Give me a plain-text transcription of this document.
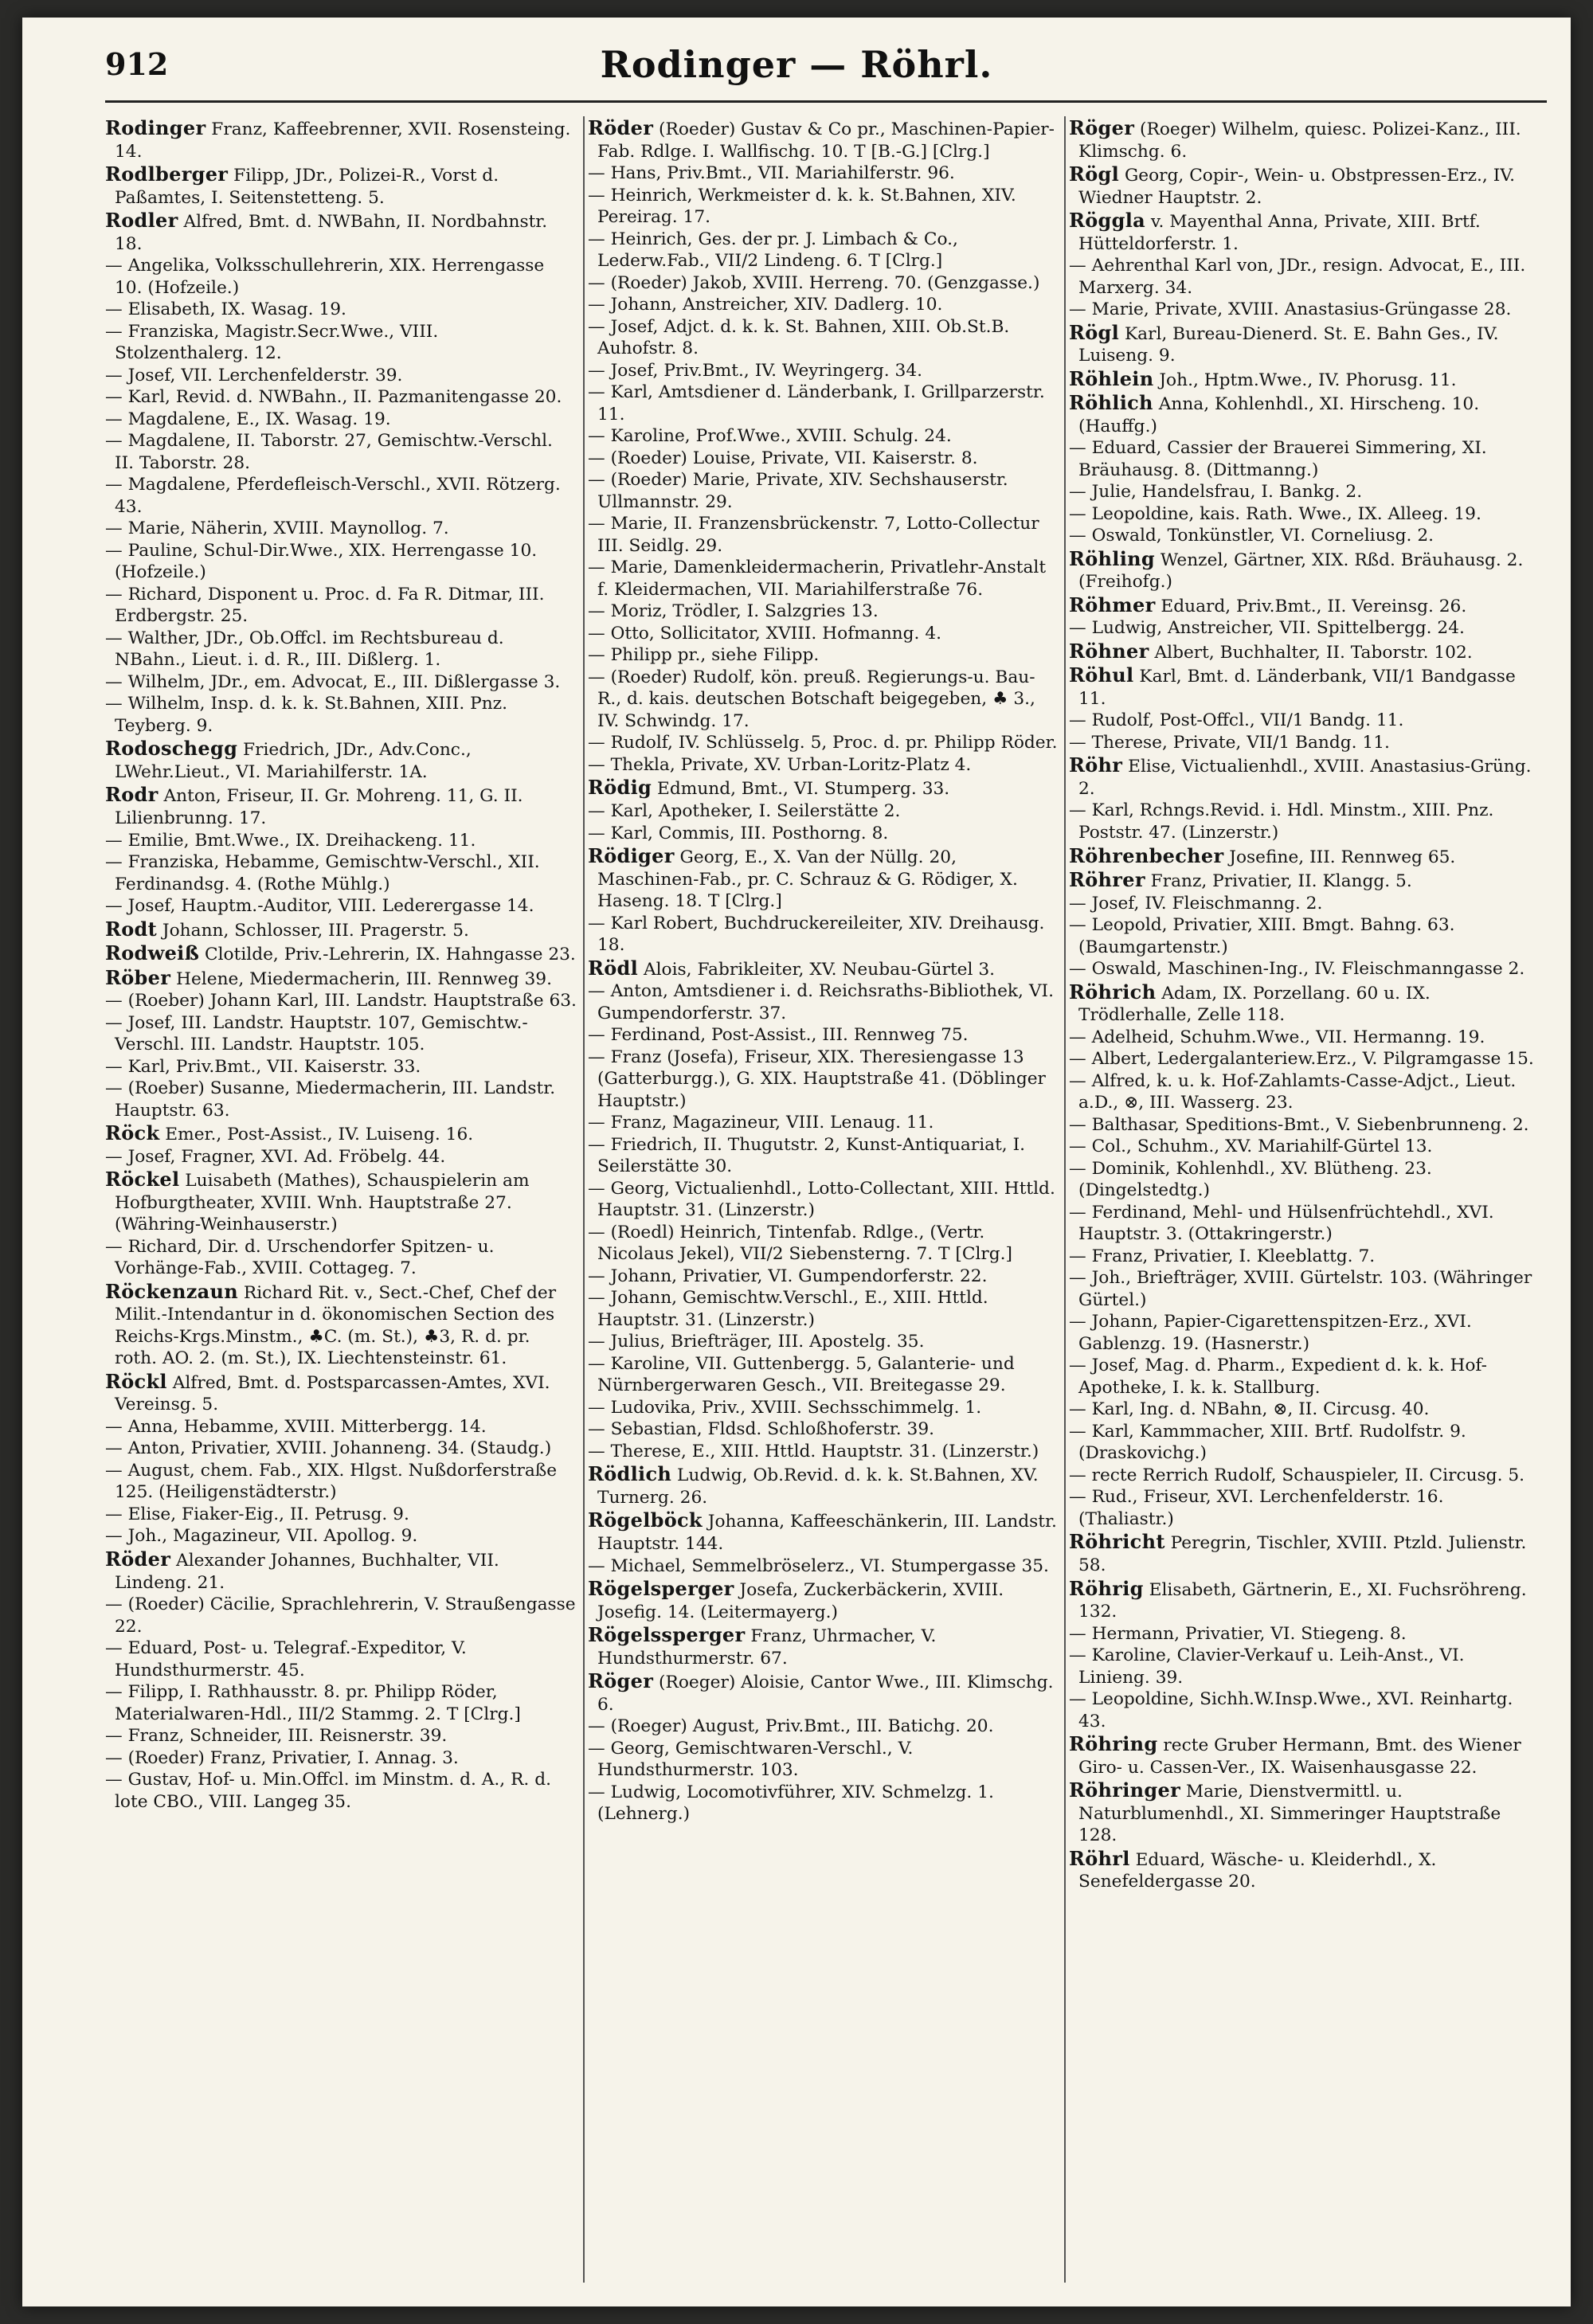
912	Rodinger — Röhrl.

Rodinger Franz, Kaffeebrenner, XVII. Rosensteing. 14.

Rodlberger Filipp, JDr., Polizei-R., Vorst d. Paßamtes, I. Seitenstetteng. 5.

Rodler Alfred, Bmt. d. NWBahn, II. Nordbahnstr. 18.

— Angelika, Volksschullehrerin, XIX. Herrengasse 10. (Hofzeile.)

— Elisabeth, IX. Wasag. 19.

— Franziska, Magistr.Secr.Wwe., VIII. Stolzenthalerg. 12.

— Josef, VII. Lerchenfelderstr. 39.

— Karl, Revid. d. NWBahn., II. Pazmanitengasse 20.

— Magdalene, E., IX. Wasag. 19.

— Magdalene, II. Taborstr. 27, Gemischtw.-Verschl. II. Taborstr. 28.

— Magdalene, Pferdefleisch-Verschl., XVII. Rötzerg. 43.

— Marie, Näherin, XVIII. Maynollog. 7.

— Pauline, Schul-Dir.Wwe., XIX. Herrengasse 10. (Hofzeile.)

— Richard, Disponent u. Proc. d. Fa R. Ditmar, III. Erdbergstr. 25.

— Walther, JDr., Ob.Offcl. im Rechtsbureau d. NBahn., Lieut. i. d. R., III. Dißlerg. 1.

— Wilhelm, JDr., em. Advocat, E., III. Dißlergasse 3.

— Wilhelm, Insp. d. k. k. St.Bahnen, XIII. Pnz. Teyberg. 9.

Rodoschegg Friedrich, JDr., Adv.Conc., LWehr.Lieut., VI. Mariahilferstr. 1A.

Rodr Anton, Friseur, II. Gr. Mohreng. 11, G. II. Lilienbrunng. 17.

— Emilie, Bmt.Wwe., IX. Dreihackeng. 11.

— Franziska, Hebamme, Gemischtw-Verschl., XII. Ferdinandsg. 4. (Rothe Mühlg.)

— Josef, Hauptm.-Auditor, VIII. Lederergasse 14.

Rodt Johann, Schlosser, III. Pragerstr. 5.

Rodweiß Clotilde, Priv.-Lehrerin, IX. Hahngasse 23.

Röber Helene, Miedermacherin, III. Rennweg 39.

— (Roeber) Johann Karl, III. Landstr. Hauptstraße 63.

— Josef, III. Landstr. Hauptstr. 107, Gemischtw.-Verschl. III. Landstr. Hauptstr. 105.

— Karl, Priv.Bmt., VII. Kaiserstr. 33.

— (Roeber) Susanne, Miedermacherin, III. Landstr. Hauptstr. 63.

Röck Emer., Post-Assist., IV. Luiseng. 16.

— Josef, Fragner, XVI. Ad. Fröbelg. 44.

Röckel Luisabeth (Mathes), Schauspielerin am Hofburgtheater, XVIII. Wnh. Hauptstraße 27. (Währing-Weinhauserstr.)

— Richard, Dir. d. Urschendorfer Spitzen- u. Vorhänge-Fab., XVIII. Cottageg. 7.

Röckenzaun Richard Rit. v., Sect.-Chef, Chef der Milit.-Intendantur in d. ökonomischen Section des Reichs-Krgs.Minstm., ♣C. (m. St.), ♣3, R. d. pr. roth. AO. 2. (m. St.), IX. Liechtensteinstr. 61.

Röckl Alfred, Bmt. d. Postsparcassen-Amtes, XVI. Vereinsg. 5.

— Anna, Hebamme, XVIII. Mitterbergg. 14.

— Anton, Privatier, XVIII. Johanneng. 34. (Staudg.)

— August, chem. Fab., XIX. Hlgst. Nußdorferstraße 125. (Heiligenstädterstr.)

— Elise, Fiaker-Eig., II. Petrusg. 9.

— Joh., Magazineur, VII. Apollog. 9.

Röder Alexander Johannes, Buchhalter, VII. Lindeng. 21.

— (Roeder) Cäcilie, Sprachlehrerin, V. Straußengasse 22.

— Eduard, Post- u. Telegraf.-Expeditor, V. Hundsthurmerstr. 45.

— Filipp, I. Rathhausstr. 8. pr. Philipp Röder, Materialwaren-Hdl., III/2 Stammg. 2. T [Clrg.]

— Franz, Schneider, III. Reisnerstr. 39.

— (Roeder) Franz, Privatier, I. Annag. 3.

— Gustav, Hof- u. Min.Offcl. im Minstm. d. A., R. d. lote CBO., VIII. Langeg 35.

Röder (Roeder) Gustav & Co pr., Maschinen-Papier-Fab. Rdlge. I. Wallfischg. 10. T [B.-G.] [Clrg.]

— Hans, Priv.Bmt., VII. Mariahilferstr. 96.

— Heinrich, Werkmeister d. k. k. St.Bahnen, XIV. Pereirag. 17.

— Heinrich, Ges. der pr. J. Limbach & Co., Lederw.Fab., VII/2 Lindeng. 6. T [Clrg.]

— (Roeder) Jakob, XVIII. Herreng. 70. (Genzgasse.)

— Johann, Anstreicher, XIV. Dadlerg. 10.

— Josef, Adjct. d. k. k. St. Bahnen, XIII. Ob.St.B. Auhofstr. 8.

— Josef, Priv.Bmt., IV. Weyringerg. 34.

— Karl, Amtsdiener d. Länderbank, I. Grillparzerstr. 11.

— Karoline, Prof.Wwe., XVIII. Schulg. 24.

— (Roeder) Louise, Private, VII. Kaiserstr. 8.

— (Roeder) Marie, Private, XIV. Sechshauserstr. Ullmannstr. 29.

— Marie, II. Franzensbrückenstr. 7, Lotto-Collectur III. Seidlg. 29.

— Marie, Damenkleidermacherin, Privatlehr-Anstalt f. Kleidermachen, VII. Mariahilferstraße 76.

— Moriz, Trödler, I. Salzgries 13.

— Otto, Sollicitator, XVIII. Hofmanng. 4.

— Philipp pr., siehe Filipp.

— (Roeder) Rudolf, kön. preuß. Regierungs-u. Bau-R., d. kais. deutschen Botschaft beigegeben, ♣ 3., IV. Schwindg. 17.

— Rudolf, IV. Schlüsselg. 5, Proc. d. pr. Philipp Röder.

— Thekla, Private, XV. Urban-Loritz-Platz 4.

Rödig Edmund, Bmt., VI. Stumperg. 33.

— Karl, Apotheker, I. Seilerstätte 2.

— Karl, Commis, III. Posthorng. 8.

Rödiger Georg, E., X. Van der Nüllg. 20, Maschinen-Fab., pr. C. Schrauz & G. Rödiger, X. Haseng. 18. T [Clrg.]

— Karl Robert, Buchdruckereileiter, XIV. Dreihausg. 18.

Rödl Alois, Fabrikleiter, XV. Neubau-Gürtel 3.

— Anton, Amtsdiener i. d. Reichsraths-Bibliothek, VI. Gumpendorferstr. 37.

— Ferdinand, Post-Assist., III. Rennweg 75.

— Franz (Josefa), Friseur, XIX. Theresiengasse 13 (Gatterburgg.), G. XIX. Hauptstraße 41. (Döblinger Hauptstr.)

— Franz, Magazineur, VIII. Lenaug. 11.

— Friedrich, II. Thugutstr. 2, Kunst-Antiquariat, I. Seilerstätte 30.

— Georg, Victualienhdl., Lotto-Collectant, XIII. Httld. Hauptstr. 31. (Linzerstr.)

— (Roedl) Heinrich, Tintenfab. Rdlge., (Vertr. Nicolaus Jekel), VII/2 Siebensterng. 7. T [Clrg.]

— Johann, Privatier, VI. Gumpendorferstr. 22.

— Johann, Gemischtw.Verschl., E., XIII. Httld. Hauptstr. 31. (Linzerstr.)

— Julius, Briefträger, III. Apostelg. 35.

— Karoline, VII. Guttenbergg. 5, Galanterie- und Nürnbergerwaren Gesch., VII. Breitegasse 29.

— Ludovika, Priv., XVIII. Sechsschimmelg. 1.

— Sebastian, Fldsd. Schloßhoferstr. 39.

— Therese, E., XIII. Httld. Hauptstr. 31. (Linzerstr.)

Rödlich Ludwig, Ob.Revid. d. k. k. St.Bahnen, XV. Turnerg. 26.

Rögelböck Johanna, Kaffeeschänkerin, III. Landstr. Hauptstr. 144.

— Michael, Semmelbröselerz., VI. Stumpergasse 35.

Rögelsperger Josefa, Zuckerbäckerin, XVIII. Josefig. 14. (Leitermayerg.)

Rögelssperger Franz, Uhrmacher, V. Hundsthurmerstr. 67.

Röger (Roeger) Aloisie, Cantor Wwe., III. Klimschg. 6.

— (Roeger) August, Priv.Bmt., III. Batichg. 20.

— Georg, Gemischtwaren-Verschl., V. Hundsthurmerstr. 103.

— Ludwig, Locomotivführer, XIV. Schmelzg. 1. (Lehnerg.)

Röger (Roeger) Wilhelm, quiesc. Polizei-Kanz., III. Klimschg. 6.

Rögl Georg, Copir-, Wein- u. Obstpressen-Erz., IV. Wiedner Hauptstr. 2.

Röggla v. Mayenthal Anna, Private, XIII. Brtf. Hütteldorferstr. 1.

— Aehrenthal Karl von, JDr., resign. Advocat, E., III. Marxerg. 34.

— Marie, Private, XVIII. Anastasius-Grüngasse 28.

Rögl Karl, Bureau-Dienerd. St. E. Bahn Ges., IV. Luiseng. 9.

Röhlein Joh., Hptm.Wwe., IV. Phorusg. 11.

Röhlich Anna, Kohlenhdl., XI. Hirscheng. 10. (Hauffg.)

— Eduard, Cassier der Brauerei Simmering, XI. Bräuhausg. 8. (Dittmanng.)

— Julie, Handelsfrau, I. Bankg. 2.

— Leopoldine, kais. Rath. Wwe., IX. Alleeg. 19.

— Oswald, Tonkünstler, VI. Corneliusg. 2.

Röhling Wenzel, Gärtner, XIX. Rßd. Bräuhausg. 2. (Freihofg.)

Röhmer Eduard, Priv.Bmt., II. Vereinsg. 26.

— Ludwig, Anstreicher, VII. Spittelbergg. 24.

Röhner Albert, Buchhalter, II. Taborstr. 102.

Röhul Karl, Bmt. d. Länderbank, VII/1 Bandgasse 11.

— Rudolf, Post-Offcl., VII/1 Bandg. 11.

— Therese, Private, VII/1 Bandg. 11.

Röhr Elise, Victualienhdl., XVIII. Anastasius-Grüng. 2.

— Karl, Rchngs.Revid. i. Hdl. Minstm., XIII. Pnz. Poststr. 47. (Linzerstr.)

Röhrenbecher Josefine, III. Rennweg 65.

Röhrer Franz, Privatier, II. Klangg. 5.

— Josef, IV. Fleischmanng. 2.

— Leopold, Privatier, XIII. Bmgt. Bahng. 63. (Baumgartenstr.)

— Oswald, Maschinen-Ing., IV. Fleischmanngasse 2.

Röhrich Adam, IX. Porzellang. 60 u. IX. Trödlerhalle, Zelle 118.

— Adelheid, Schuhm.Wwe., VII. Hermanng. 19.

— Albert, Ledergalanteriew.Erz., V. Pilgramgasse 15.

— Alfred, k. u. k. Hof-Zahlamts-Casse-Adjct., Lieut. a.D., ⊗, III. Wasserg. 23.

— Balthasar, Speditions-Bmt., V. Siebenbrunneng. 2.

— Col., Schuhm., XV. Mariahilf-Gürtel 13.

— Dominik, Kohlenhdl., XV. Blütheng. 23. (Dingelstedtg.)

— Ferdinand, Mehl- und Hülsenfrüchtehdl., XVI. Hauptstr. 3. (Ottakringerstr.)

— Franz, Privatier, I. Kleeblattg. 7.

— Joh., Briefträger, XVIII. Gürtelstr. 103. (Währinger Gürtel.)

— Johann, Papier-Cigarettenspitzen-Erz., XVI. Gablenzg. 19. (Hasnerstr.)

— Josef, Mag. d. Pharm., Expedient d. k. k. Hof-Apotheke, I. k. k. Stallburg.

— Karl, Ing. d. NBahn, ⊗, II. Circusg. 40.

— Karl, Kammmacher, XIII. Brtf. Rudolfstr. 9. (Draskovichg.)

— recte Rerrich Rudolf, Schauspieler, II. Circusg. 5.

— Rud., Friseur, XVI. Lerchenfelderstr. 16. (Thaliastr.)

Röhricht Peregrin, Tischler, XVIII. Ptzld. Julienstr. 58.

Röhrig Elisabeth, Gärtnerin, E., XI. Fuchsröhreng. 132.

— Hermann, Privatier, VI. Stiegeng. 8.

— Karoline, Clavier-Verkauf u. Leih-Anst., VI. Linieng. 39.

— Leopoldine, Sichh.W.Insp.Wwe., XVI. Reinhartg. 43.

Röhring recte Gruber Hermann, Bmt. des Wiener Giro- u. Cassen-Ver., IX. Waisenhausgasse 22.

Röhringer Marie, Dienstvermittl. u. Naturblumenhdl., XI. Simmeringer Hauptstraße 128.

Röhrl Eduard, Wäsche- u. Kleiderhdl., X. Senefeldergasse 20.
